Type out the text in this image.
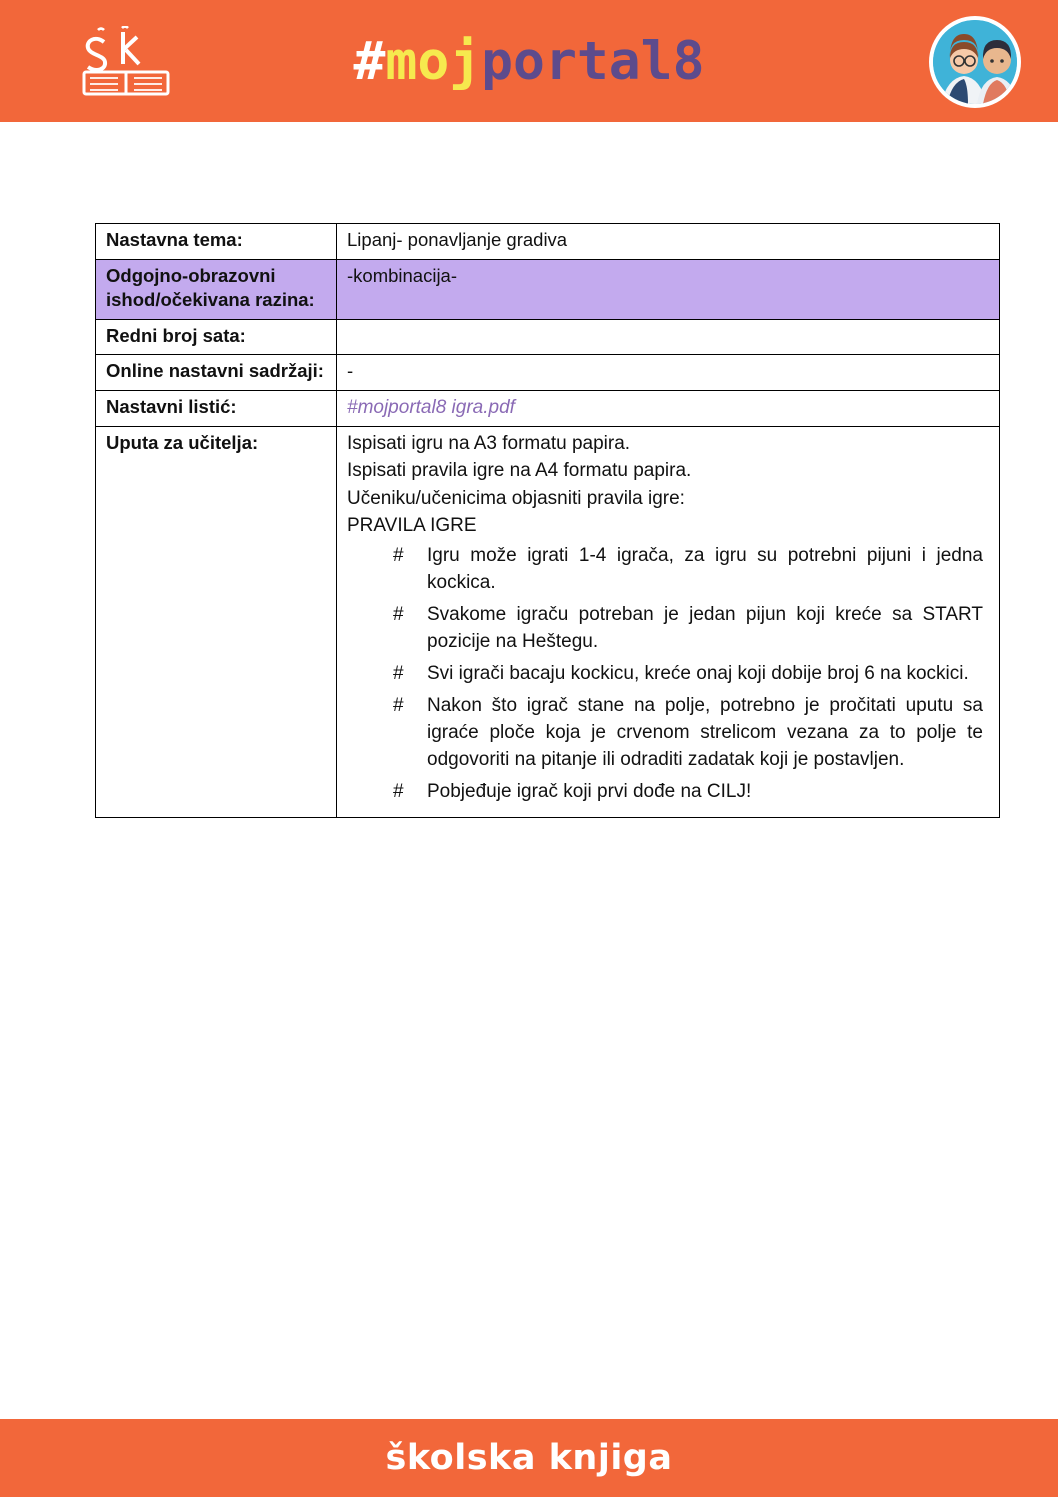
# moj portal 8
Nastavna tema:	Lipanj- ponavljanje gradiva
Odgojno-obrazovni ishod/očekivana razina:	-kombinacija-
Redni broj sata:	
Online nastavni sadržaji:	-
Nastavni listić:	#mojportal8 igra.pdf
Uputa za učitelja:	Ispisati igru na A3 formatu papira.

Ispisati pravila igre na A4 formatu papira.

Učeniku/učenicima objasniti pravila igre:

PRAVILA IGRE

# Igru može igrati 1-4 igrača, za igru su potrebni pijuni i jedna kockica.
# Svakome igraču potreban je jedan pijun koji kreće sa START pozicije na Heštegu.
# Svi igrači bacaju kockicu, kreće onaj koji dobije broj 6 na kockici.
# Nakon što igrač stane na polje, potrebno je pročitati uputu sa igraće ploče koja je crvenom strelicom vezana za to polje te odgovoriti na pitanje ili odraditi zadatak koji je postavljen.
# Pobjeđuje igrač koji prvi dođe na CILJ!
školska knjiga
